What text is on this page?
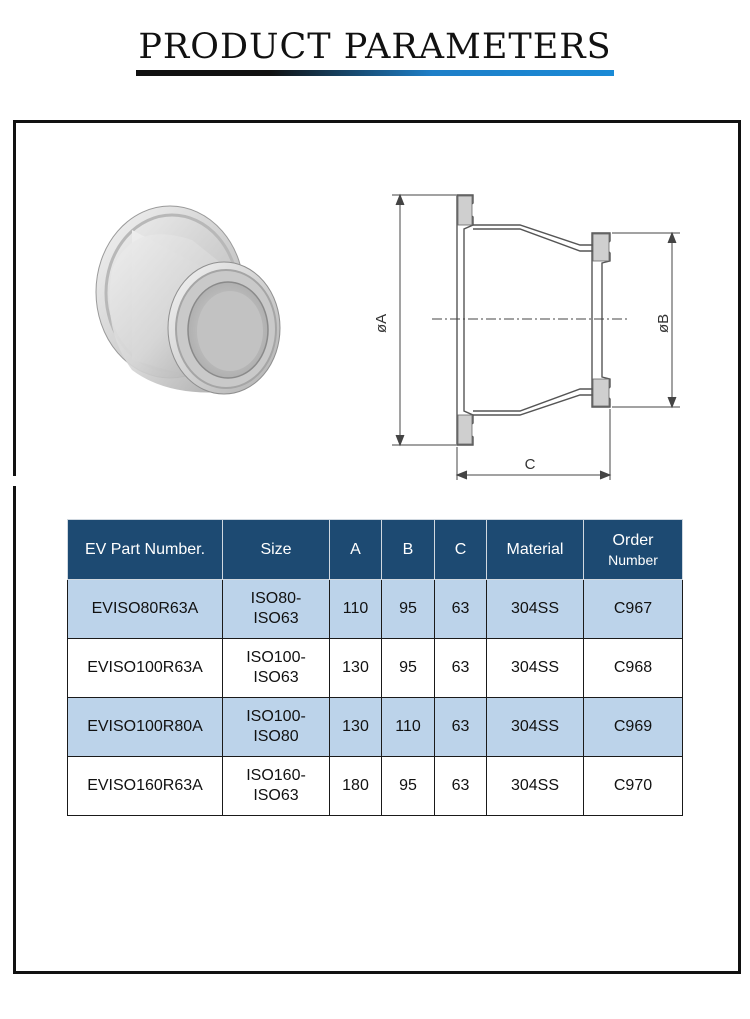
PRODUCT PARAMETERS
øA	øB
C
EV Part Number.	Size	A	B	C	Material	Order
Number

EVISO80R63A	ISO80-
ISO63	110	95	63	304SS	C967
EVISO100R63A	ISO100-
ISO63	130	95	63	304SS	C968
EVISO100R80A	ISO100-
ISO80	130	110	63	304SS	C969
EVISO160R63A	ISO160-
ISO63	180	95	63	304SS	C970
